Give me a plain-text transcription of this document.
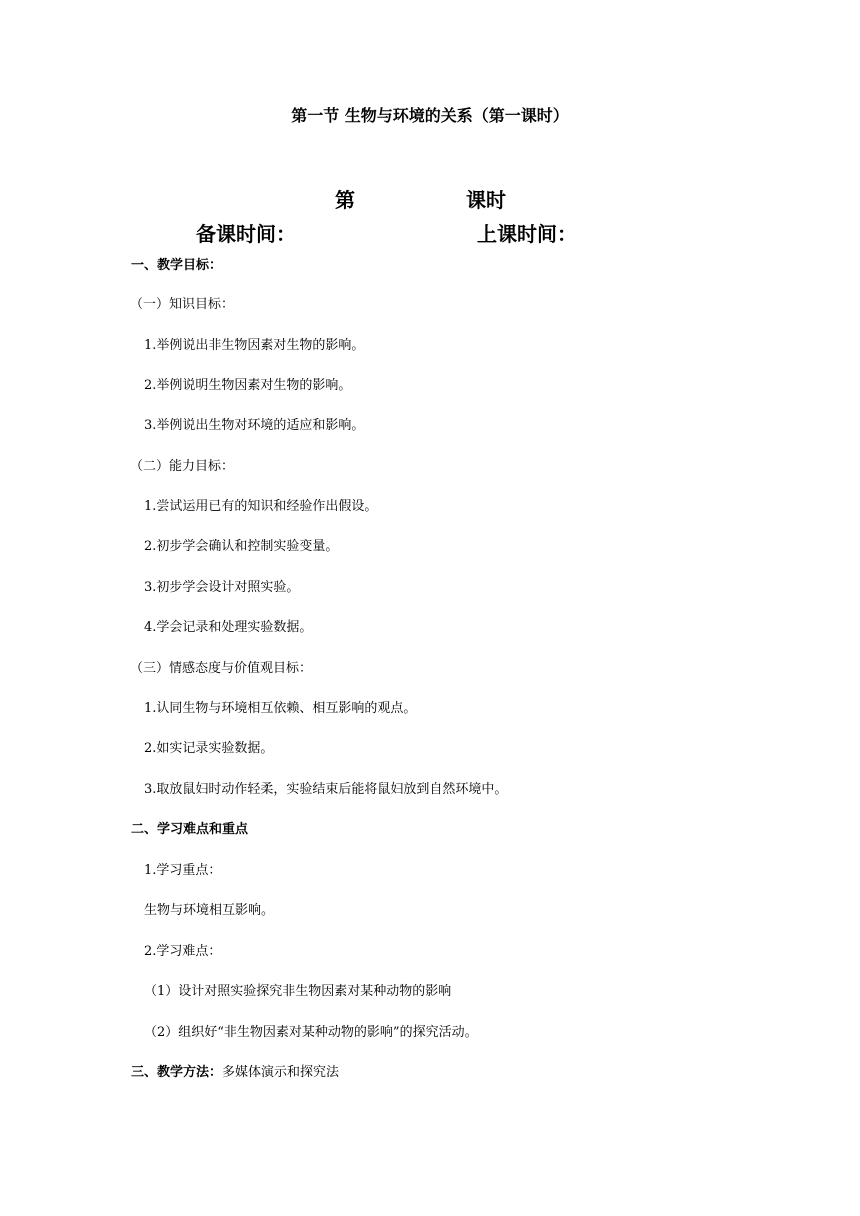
第一节 生物与环境的关系（第一课时）
第	课时
备课时间：	上课时间：
一、教学目标：
（一）知识目标：
1.举例说出非生物因素对生物的影响。
2.举例说明生物因素对生物的影响。
3.举例说出生物对环境的适应和影响。
（二）能力目标：
1.尝试运用已有的知识和经验作出假设。
2.初步学会确认和控制实验变量。
3.初步学会设计对照实验。
4.学会记录和处理实验数据。
（三）情感态度与价值观目标：
1.认同生物与环境相互依赖、相互影响的观点。
2.如实记录实验数据。
3.取放鼠妇时动作轻柔，实验结束后能将鼠妇放到自然环境中。
二、学习难点和重点
1.学习重点：
生物与环境相互影响。
2.学习难点：
（1）设计对照实验探究非生物因素对某种动物的影响
（2）组织好“非生物因素对某种动物的影响”的探究活动。
三、教学方法：多媒体演示和探究法
